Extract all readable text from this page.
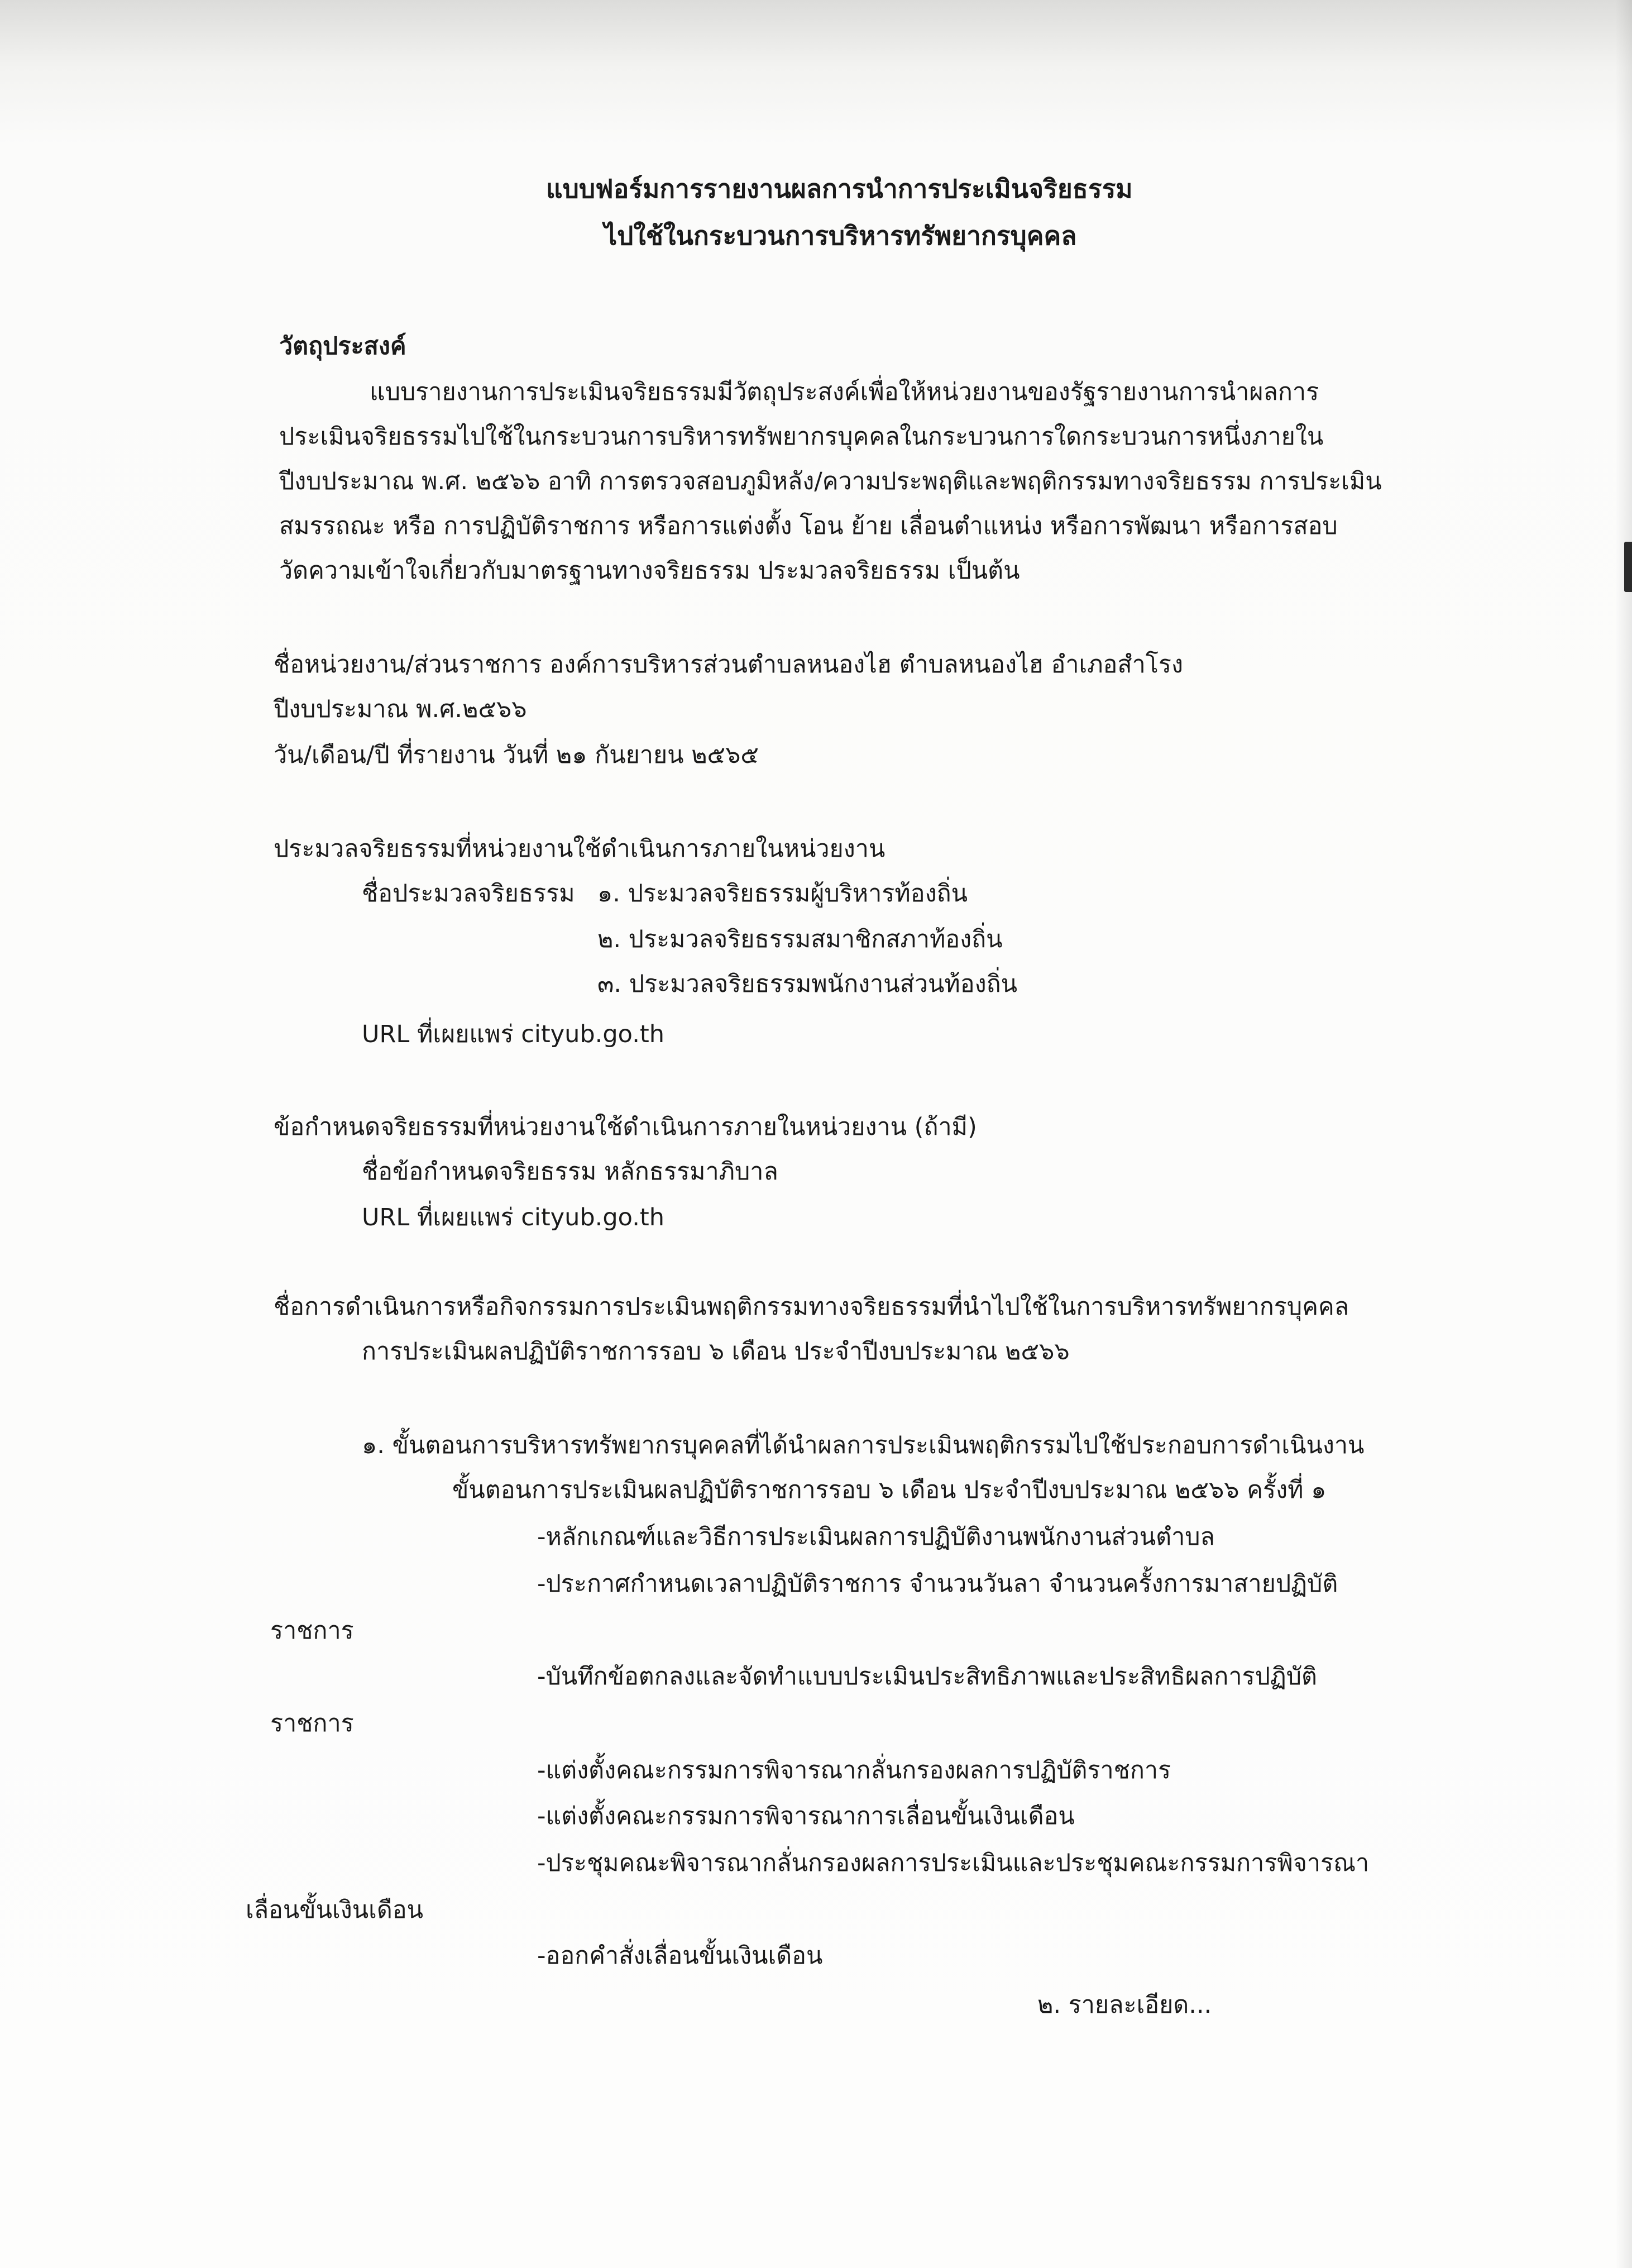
แบบฟอร์มการรายงานผลการนำการประเมินจริยธรรม
ไปใช้ในกระบวนการบริหารทรัพยากรบุคคล
วัตถุประสงค์
แบบรายงานการประเมินจริยธรรมมีวัตถุประสงค์เพื่อให้หน่วยงานของรัฐรายงานการนำผลการ
ประเมินจริยธรรมไปใช้ในกระบวนการบริหารทรัพยากรบุคคลในกระบวนการใดกระบวนการหนึ่งภายใน
ปีงบประมาณ พ.ศ. ๒๕๖๖ อาทิ การตรวจสอบภูมิหลัง/ความประพฤติและพฤติกรรมทางจริยธรรม การประเมิน
สมรรถณะ หรือ การปฏิบัติราชการ หรือการแต่งตั้ง โอน ย้าย เลื่อนตำแหน่ง หรือการพัฒนา หรือการสอบ
วัดความเข้าใจเกี่ยวกับมาตรฐานทางจริยธรรม ประมวลจริยธรรม เป็นต้น
ชื่อหน่วยงาน/ส่วนราชการ องค์การบริหารส่วนตำบลหนองไฮ ตำบลหนองไฮ อำเภอสำโรง
ปีงบประมาณ พ.ศ.๒๕๖๖
วัน/เดือน/ปี ที่รายงาน วันที่ ๒๑ กันยายน ๒๕๖๕
ประมวลจริยธรรมที่หน่วยงานใช้ดำเนินการภายในหน่วยงาน
ชื่อประมวลจริยธรรม ๑. ประมวลจริยธรรมผู้บริหารท้องถิ่น
๒. ประมวลจริยธรรมสมาชิกสภาท้องถิ่น
๓. ประมวลจริยธรรมพนักงานส่วนท้องถิ่น
URL ที่เผยแพร่ cityub.go.th
ข้อกำหนดจริยธรรมที่หน่วยงานใช้ดำเนินการภายในหน่วยงาน (ถ้ามี)
ชื่อข้อกำหนดจริยธรรม หลักธรรมาภิบาล
URL ที่เผยแพร่ cityub.go.th
ชื่อการดำเนินการหรือกิจกรรมการประเมินพฤติกรรมทางจริยธรรมที่นำไปใช้ในการบริหารทรัพยากรบุคคล
การประเมินผลปฏิบัติราชการรอบ ๖ เดือน ประจำปีงบประมาณ ๒๕๖๖
๑. ขั้นตอนการบริหารทรัพยากรบุคคลที่ได้นำผลการประเมินพฤติกรรมไปใช้ประกอบการดำเนินงาน
ขั้นตอนการประเมินผลปฏิบัติราชการรอบ ๖ เดือน ประจำปีงบประมาณ ๒๕๖๖ ครั้งที่ ๑
-หลักเกณฑ์และวิธีการประเมินผลการปฏิบัติงานพนักงานส่วนตำบล
-ประกาศกำหนดเวลาปฏิบัติราชการ จำนวนวันลา จำนวนครั้งการมาสายปฏิบัติ
ราชการ
-บันทึกข้อตกลงและจัดทำแบบประเมินประสิทธิภาพและประสิทธิผลการปฏิบัติ
ราชการ
-แต่งตั้งคณะกรรมการพิจารณากลั่นกรองผลการปฏิบัติราชการ
-แต่งตั้งคณะกรรมการพิจารณาการเลื่อนขั้นเงินเดือน
-ประชุมคณะพิจารณากลั่นกรองผลการประเมินและประชุมคณะกรรมการพิจารณา
เลื่อนขั้นเงินเดือน
-ออกคำสั่งเลื่อนขั้นเงินเดือน
๒. รายละเอียด...
